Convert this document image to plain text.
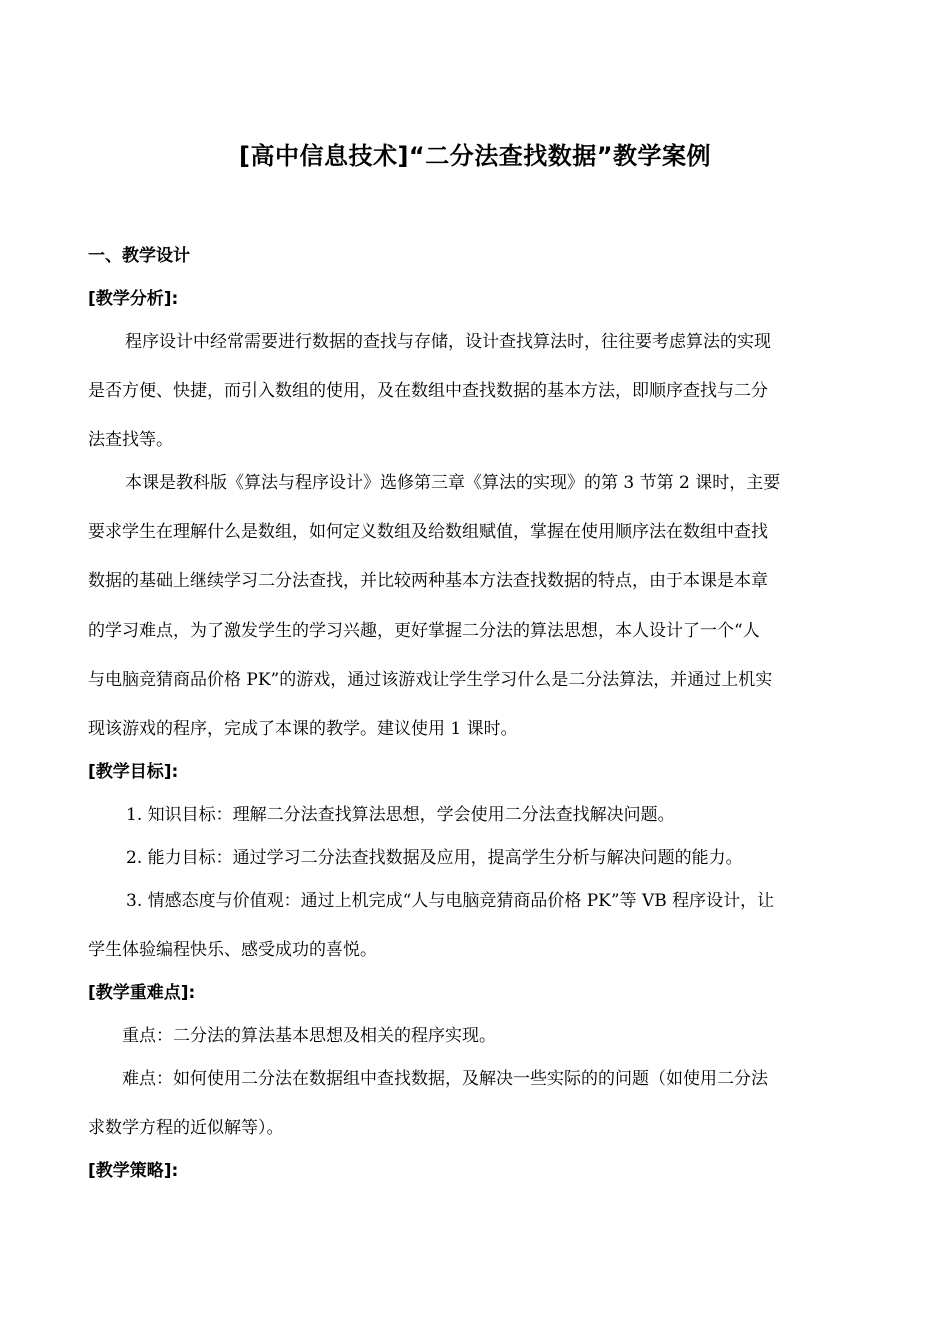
[高中信息技术]“二分法查找数据”教学案例
一、教学设计
[教学分析]:
程序设计中经常需要进行数据的查找与存储，设计查找算法时，往往要考虑算法的实现
是否方便、快捷，而引入数组的使用，及在数组中查找数据的基本方法，即顺序查找与二分
法查找等。
本课是教科版《算法与程序设计》选修第三章《算法的实现》的第 3 节第 2 课时，主要
要求学生在理解什么是数组，如何定义数组及给数组赋值，掌握在使用顺序法在数组中查找
数据的基础上继续学习二分法查找，并比较两种基本方法查找数据的特点，由于本课是本章
的学习难点，为了激发学生的学习兴趣，更好掌握二分法的算法思想，本人设计了一个“人
与电脑竞猜商品价格 PK”的游戏，通过该游戏让学生学习什么是二分法算法，并通过上机实
现该游戏的程序，完成了本课的教学。建议使用 1 课时。
[教学目标]:
1. 知识目标：理解二分法查找算法思想，学会使用二分法查找解决问题。
2. 能力目标：通过学习二分法查找数据及应用，提高学生分析与解决问题的能力。
3. 情感态度与价值观：通过上机完成“人与电脑竞猜商品价格 PK”等 VB 程序设计，让
学生体验编程快乐、感受成功的喜悦。
[教学重难点]:
重点：二分法的算法基本思想及相关的程序实现。
难点：如何使用二分法在数据组中查找数据，及解决一些实际的的问题（如使用二分法
求数学方程的近似解等）。
[教学策略]:
